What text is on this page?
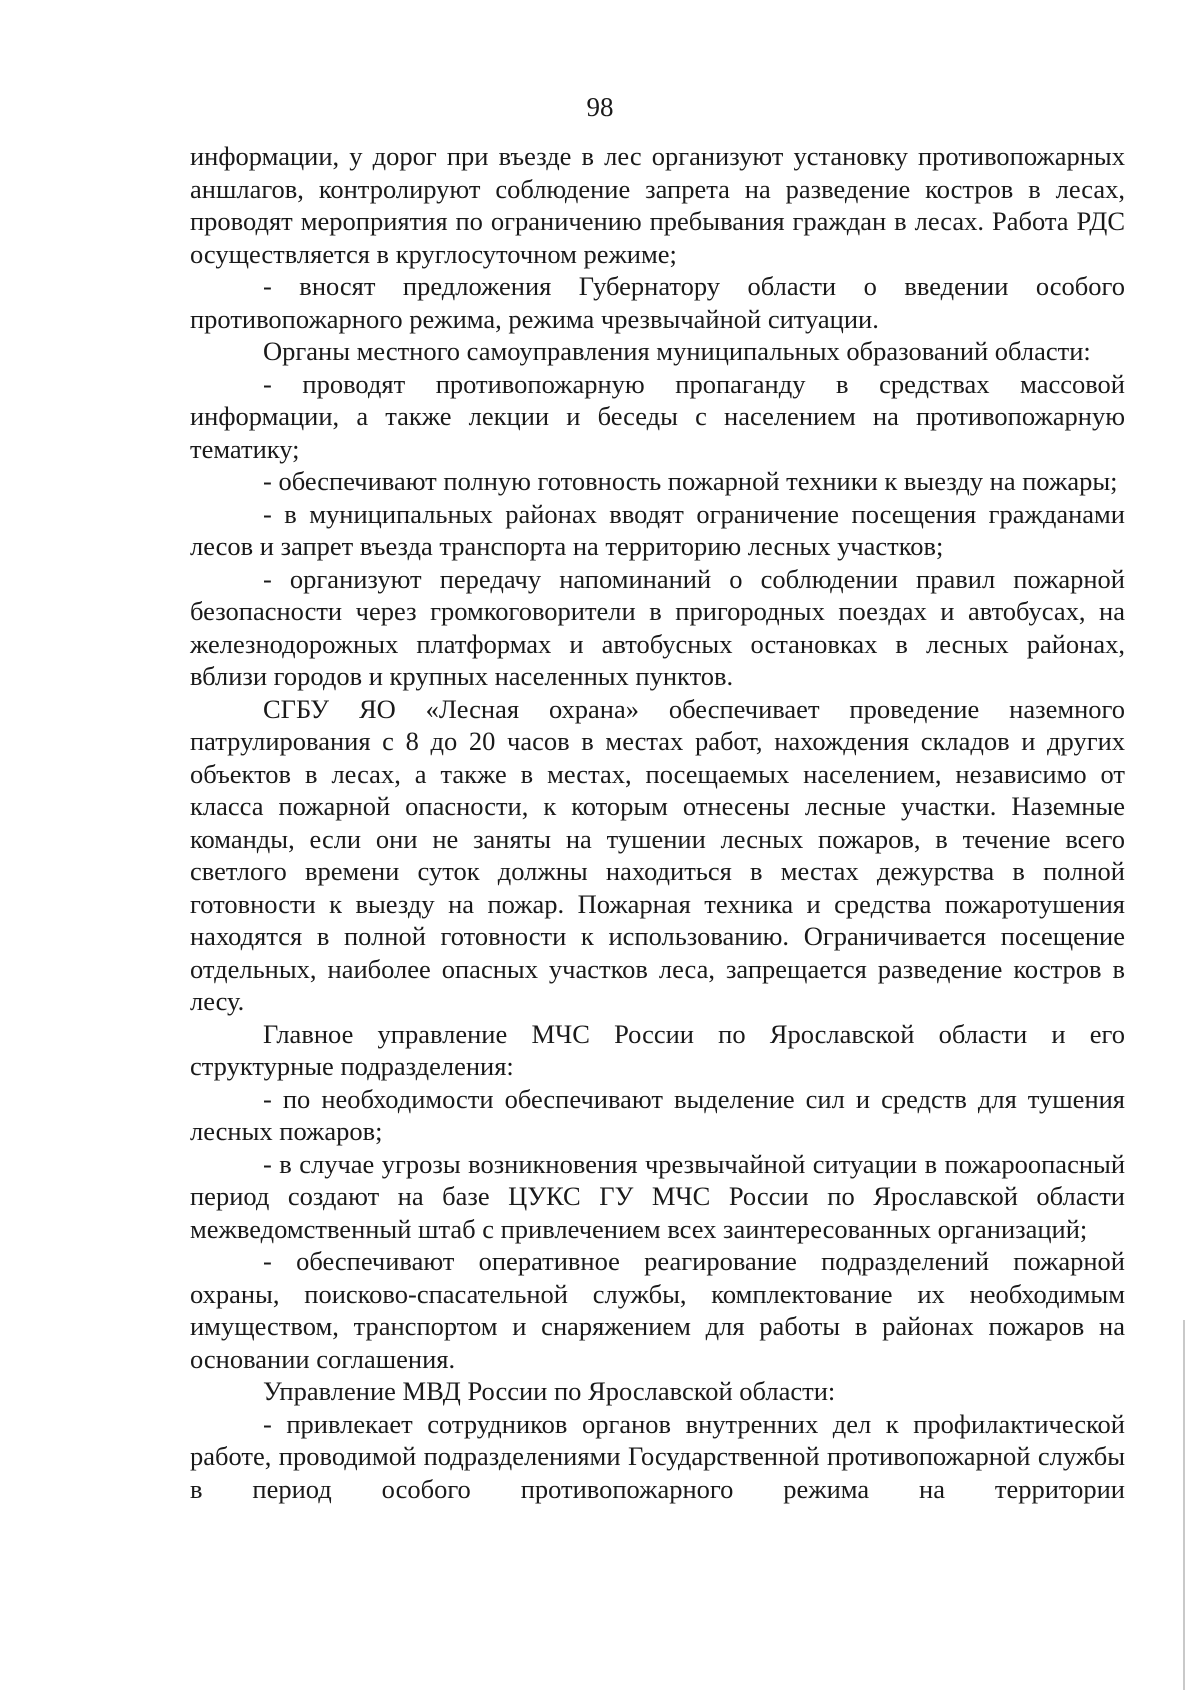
98

информации, у дорог при въезде в лес организуют установку противопожарных аншлагов, контролируют соблюдение запрета на разведение костров в лесах, проводят мероприятия по ограничению пребывания граждан в лесах. Работа РДС осуществляется в круглосуточном режиме;

- вносят предложения Губернатору области о введении особого противопожарного режима, режима чрезвычайной ситуации.

Органы местного самоуправления муниципальных образований области:

- проводят противопожарную пропаганду в средствах массовой информации, а также лекции и беседы с населением на противопожарную тематику;

- обеспечивают полную готовность пожарной техники к выезду на пожары;

- в муниципальных районах вводят ограничение посещения гражданами лесов и запрет въезда транспорта на территорию лесных участков;

- организуют передачу напоминаний о соблюдении правил пожарной безопасности через громкоговорители в пригородных поездах и автобусах, на железнодорожных платформах и автобусных остановках в лесных районах, вблизи городов и крупных населенных пунктов.

СГБУ ЯО «Лесная охрана» обеспечивает проведение наземного патрулирования с 8 до 20 часов в местах работ, нахождения складов и других объектов в лесах, а также в местах, посещаемых населением, независимо от класса пожарной опасности, к которым отнесены лесные участки. Наземные команды, если они не заняты на тушении лесных пожаров, в течение всего светлого времени суток должны находиться в местах дежурства в полной готовности к выезду на пожар. Пожарная техника и средства пожаротушения находятся в полной готовности к использованию. Ограничивается посещение отдельных, наиболее опасных участков леса, запрещается разведение костров в лесу.

Главное управление МЧС России по Ярославской области и его структурные подразделения:

- по необходимости обеспечивают выделение сил и средств для тушения лесных пожаров;

- в случае угрозы возникновения чрезвычайной ситуации в пожароопасный период создают на базе ЦУКС ГУ МЧС России по Ярославской области межведомственный штаб с привлечением всех заинтересованных организаций;

- обеспечивают оперативное реагирование подразделений пожарной охраны, поисково-спасательной службы, комплектование их необходимым имуществом, транспортом и снаряжением для работы в районах пожаров на основании соглашения.

Управление МВД России по Ярославской области:

- привлекает сотрудников органов внутренних дел к профилактической работе, проводимой подразделениями Государственной противопожарной службы в период особого противопожарного режима на территории
